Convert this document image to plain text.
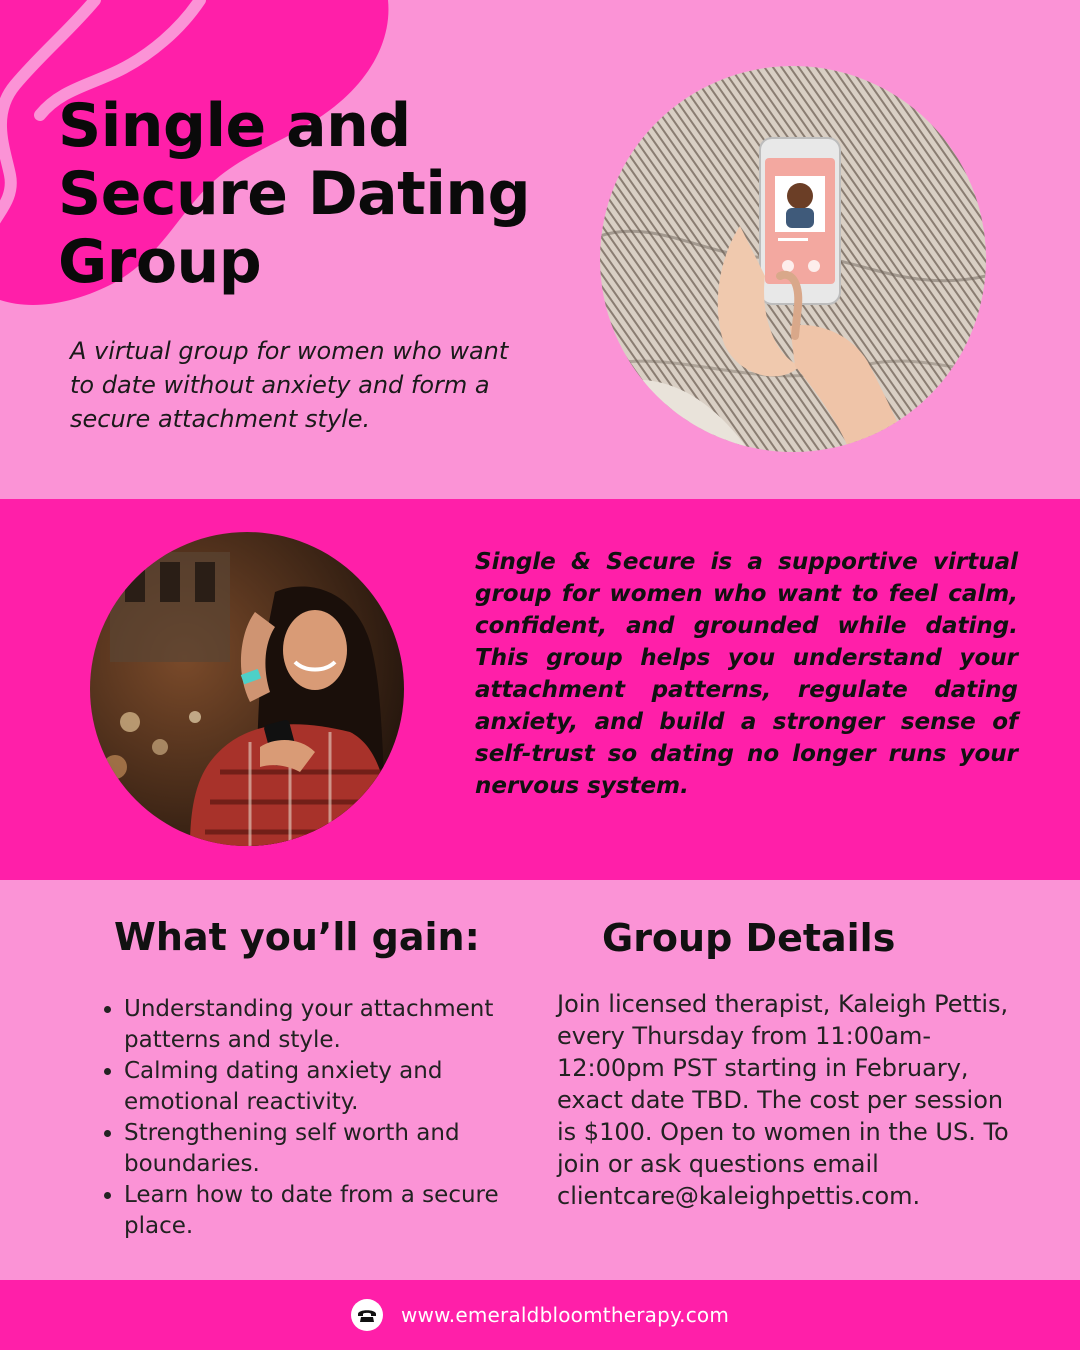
Single and Secure Dating Group

A virtual group for women who want to date without anxiety and form a secure attachment style.

Single & Secure is a supportive virtual group for women who want to feel calm, confident, and grounded while dating. This group helps you understand your attachment patterns, regulate dating anxiety, and build a stronger sense of self-trust so dating no longer runs your nervous system.

What you’ll gain:
• Understanding your attachment patterns and style.
• Calming dating anxiety and emotional reactivity.
• Strengthening self worth and boundaries.
• Learn how to date from a secure place.
Group Details

Join licensed therapist, Kaleigh Pettis, every Thursday from 11:00am- 12:00pm PST starting in February, exact date TBD. The cost per session is $100. Open to women in the US. To join or ask questions email clientcare@kaleighpettis.com.

www.emeraldbloomtherapy.com
